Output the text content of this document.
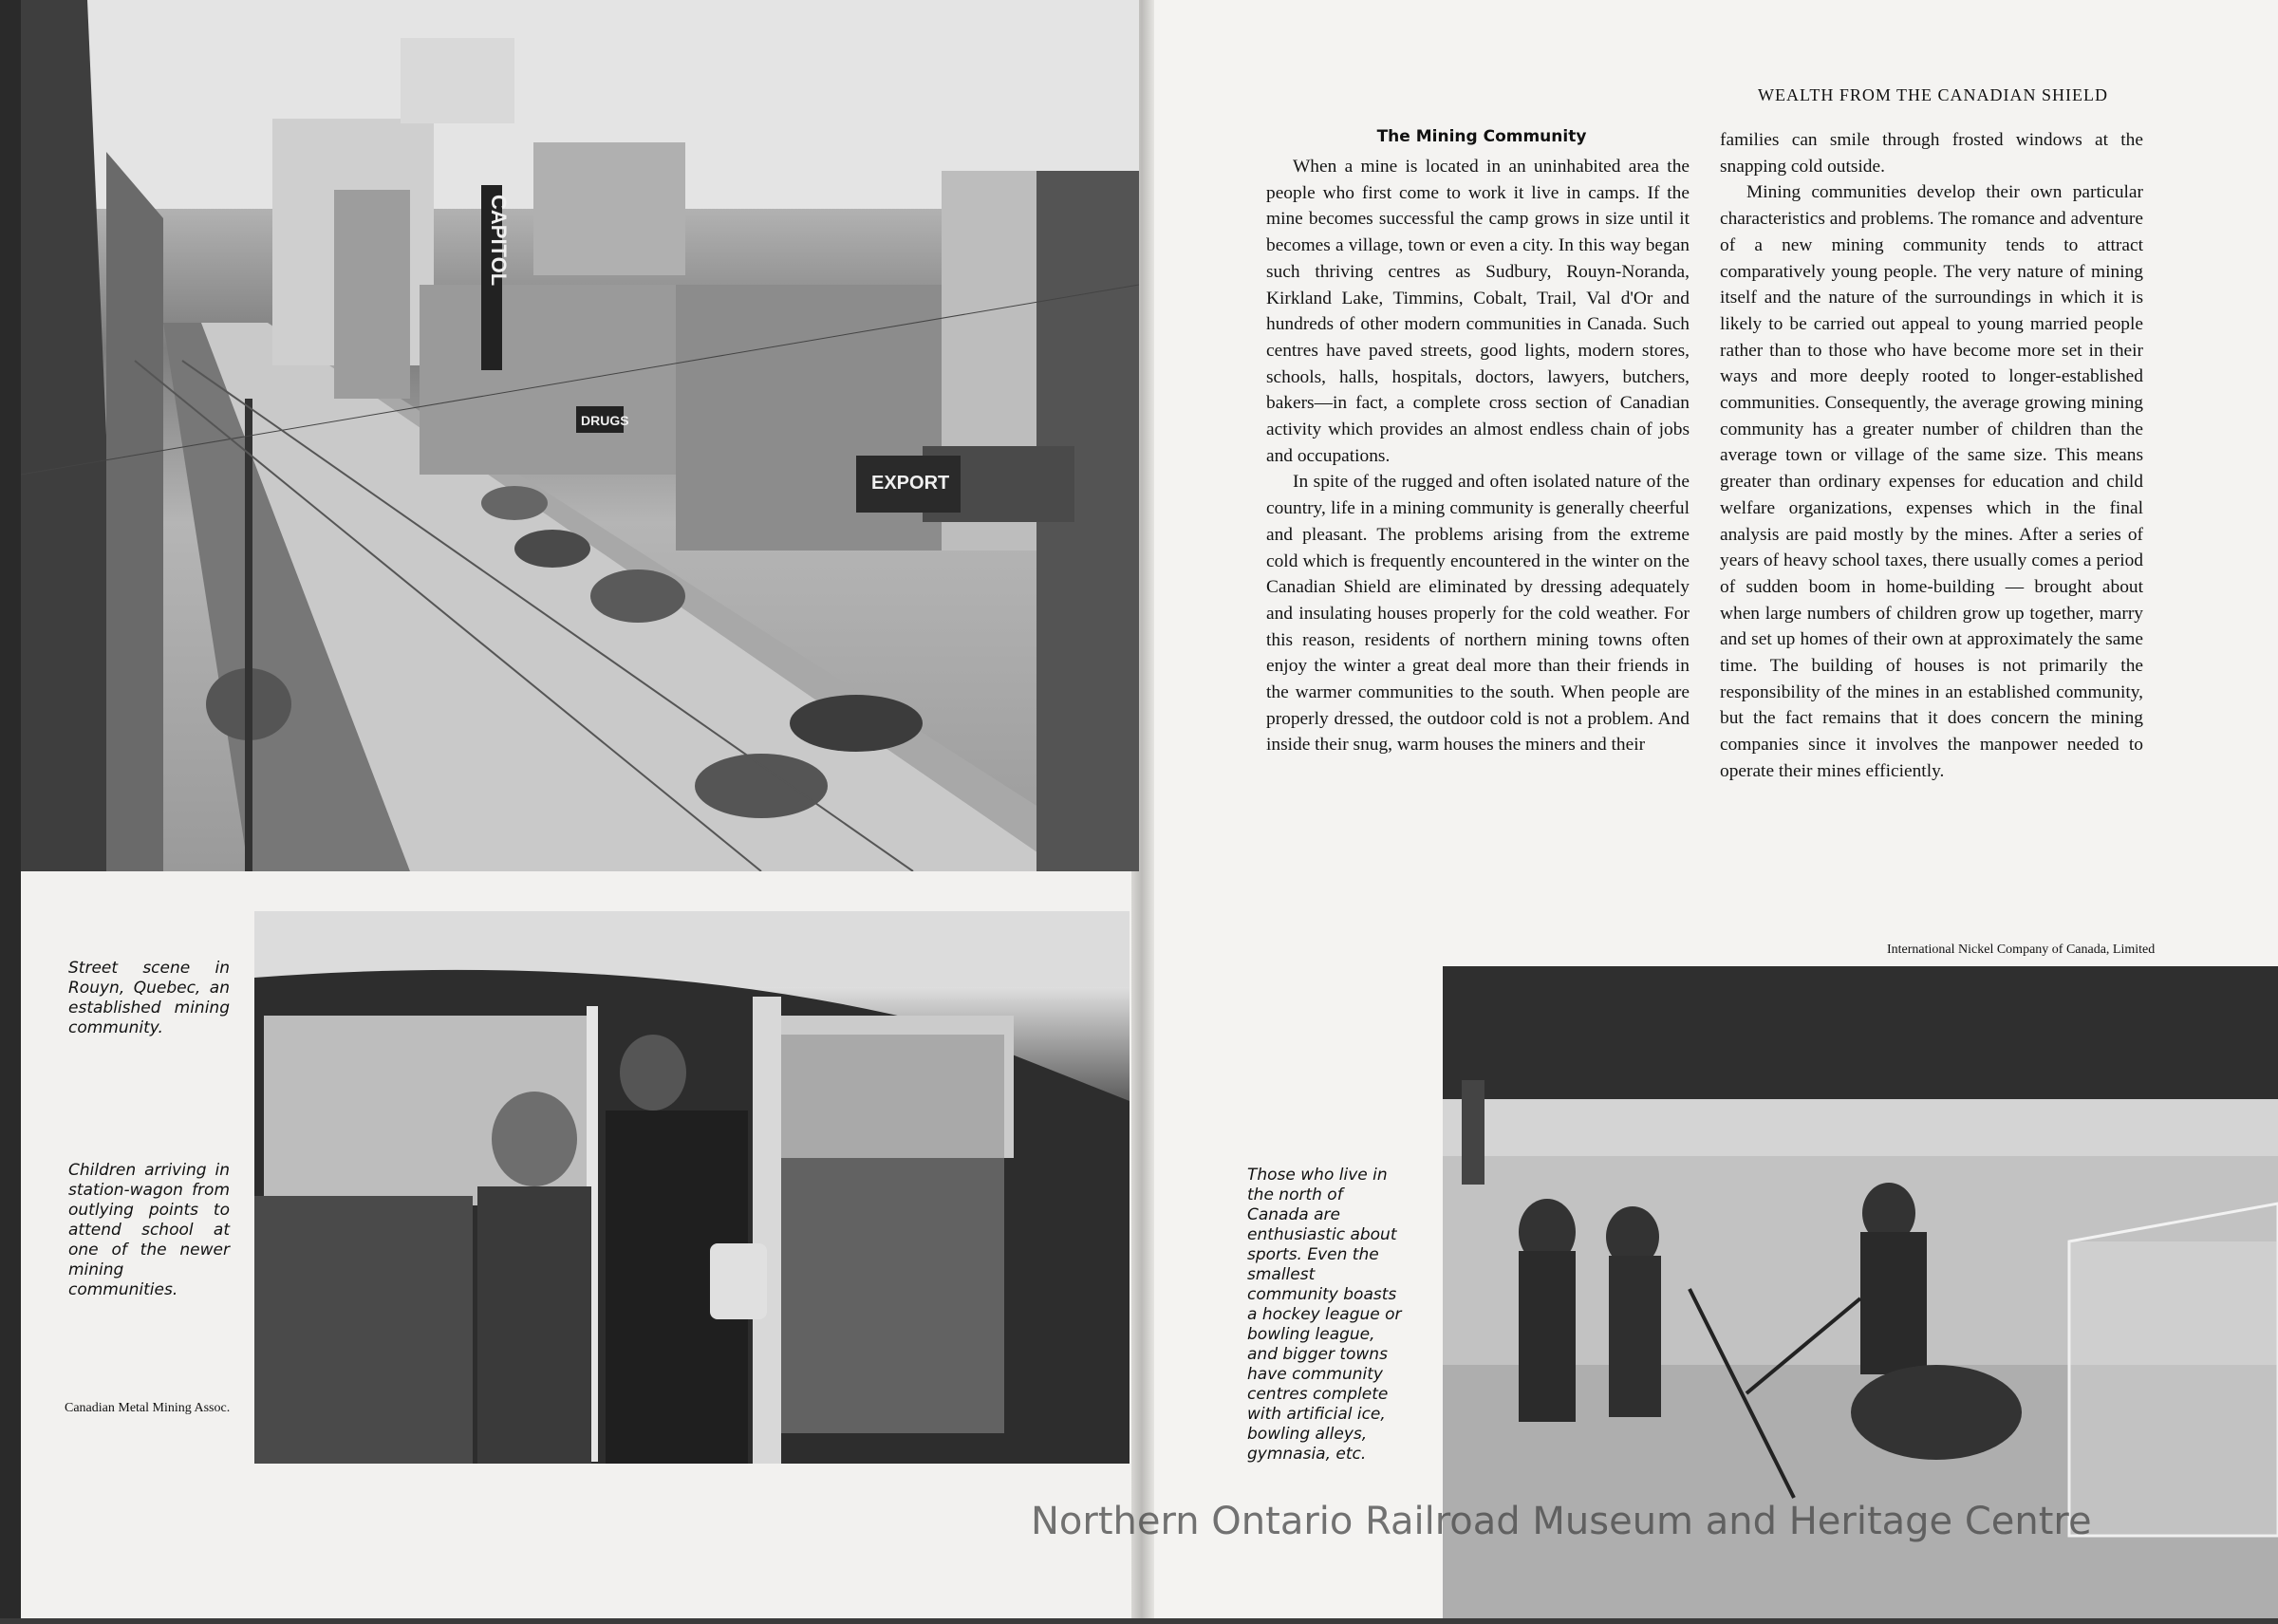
CAPITOL
DRUGS
EXPORT
Street scene in Rouyn, Quebec, an established mining community.
Children arriving in station-wagon from outlying points to attend school at one of the newer mining communities.
Canadian Metal Mining Assoc.
Those who live in the north of Canada are enthusiastic about sports. Even the smallest community boasts a hockey league or bowling league, and bigger towns have community centres complete with artificial ice, bowling alleys, gymnasia, etc.
International Nickel Company of Canada, Limited
WEALTH FROM THE CANADIAN SHIELD
The Mining Community

When a mine is located in an uninhabited area the people who first come to work it live in camps. If the mine becomes successful the camp grows in size until it becomes a village, town or even a city. In this way began such thriving centres as Sudbury, Rouyn-Noranda, Kirkland Lake, Timmins, Cobalt, Trail, Val d'Or and hundreds of other modern communities in Canada. Such centres have paved streets, good lights, modern stores, schools, halls, hospitals, doctors, lawyers, butchers, bakers—in fact, a complete cross section of Canadian activity which provides an almost endless chain of jobs and occupations.

In spite of the rugged and often isolated nature of the country, life in a mining community is generally cheerful and pleasant. The problems arising from the extreme cold which is frequently encountered in the winter on the Canadian Shield are eliminated by dressing adequately and insulating houses properly for the cold weather. For this reason, residents of northern mining towns often enjoy the winter a great deal more than their friends in the warmer communities to the south. When people are properly dressed, the outdoor cold is not a problem. And inside their snug, warm houses the miners and their

families can smile through frosted windows at the snapping cold outside.

Mining communities develop their own particular characteristics and problems. The romance and adventure of a new mining community tends to attract comparatively young people. The very nature of mining itself and the nature of the surroundings in which it is likely to be carried out appeal to young married people rather than to those who have become more set in their ways and more deeply rooted to longer-established communities. Consequently, the average growing mining community has a greater number of children than the average town or village of the same size. This means greater than ordinary expenses for education and child welfare organizations, expenses which in the final analysis are paid mostly by the mines. After a series of years of heavy school taxes, there usually comes a period of sudden boom in home-building — brought about when large numbers of children grow up together, marry and set up homes of their own at approximately the same time. The building of houses is not primarily the responsibility of the mines in an established community, but the fact remains that it does concern the mining companies since it involves the manpower needed to operate their mines efficiently.

Northern Ontario Railroad Museum and Heritage Centre
